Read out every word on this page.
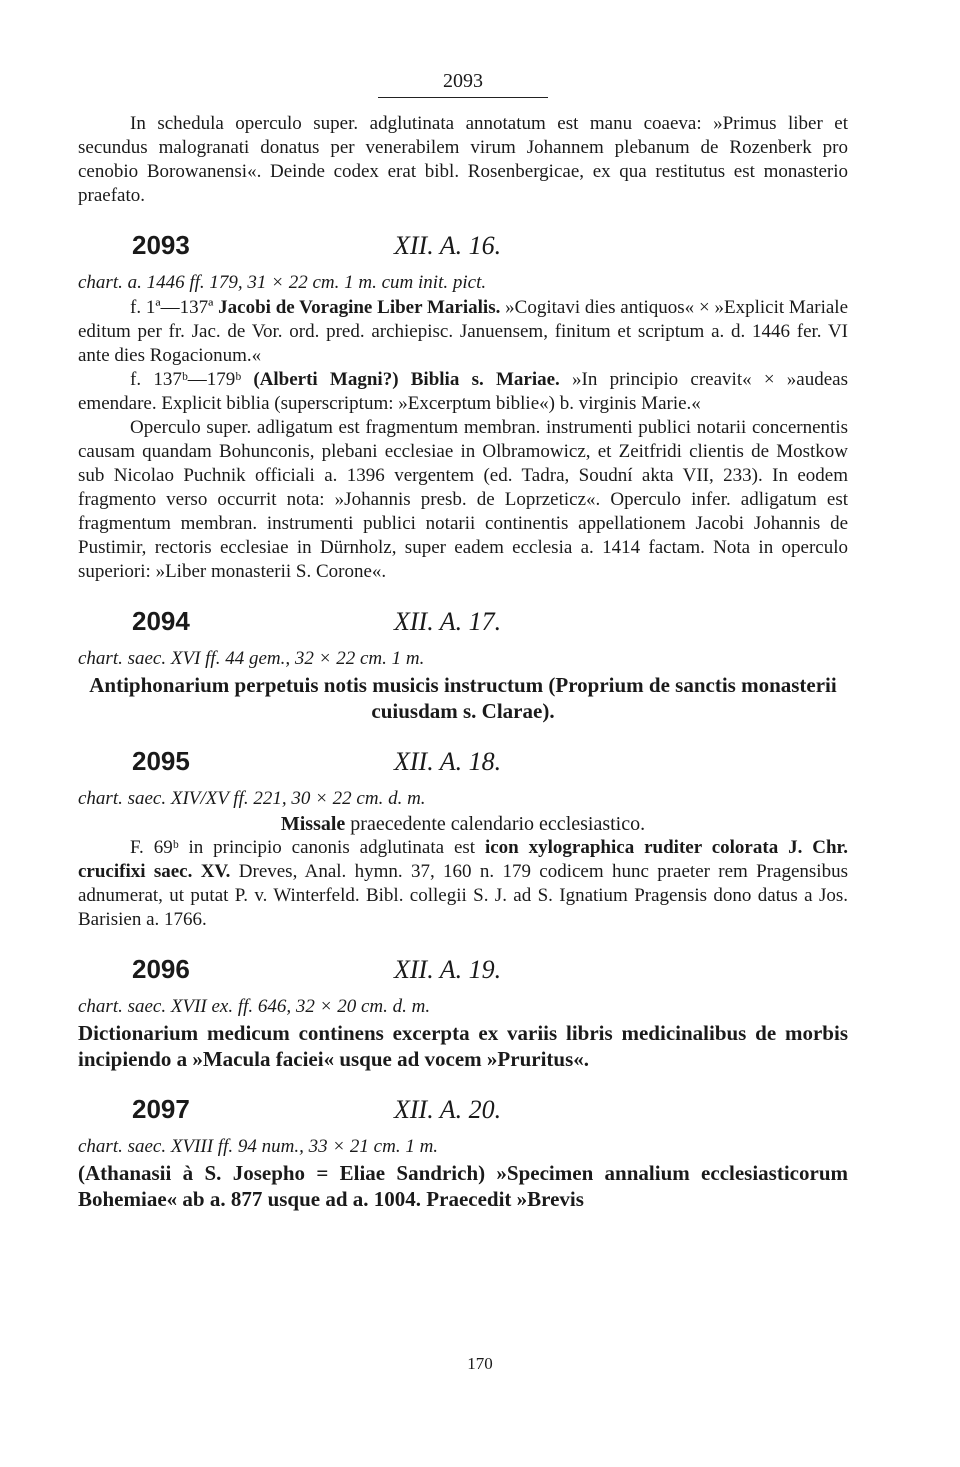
2093

In schedula operculo super. adglutinata annotatum est manu coaeva: »Primus liber et secundus malogranati donatus per venerabilem virum Johannem plebanum de Rozenberk pro cenobio Borowanensi«. Deinde codex erat bibl. Rosenbergicae, ex qua restitutus est monasterio praefato.

2093	XII. A. 16.
chart. a. 1446 ff. 179, 31 × 22 cm. 1 m. cum init. pict.

f. 1ª—137ª Jacobi de Voragine Liber Marialis. »Cogitavi dies antiquos« × »Explicit Mariale editum per fr. Jac. de Vor. ord. pred. archiepisc. Januensem, finitum et scriptum a. d. 1446 fer. VI ante dies Rogacionum.«

f. 137ᵇ—179ᵇ (Alberti Magni?) Biblia s. Mariae. »In principio creavit« × »audeas emendare. Explicit biblia (superscriptum: »Excerptum biblie«) b. virginis Marie.«

Operculo super. adligatum est fragmentum membran. instrumenti publici notarii concernentis causam quandam Bohunconis, plebani ecclesiae in Olbramowicz, et Zeitfridi clientis de Mostkow sub Nicolao Puchnik officiali a. 1396 vergentem (ed. Tadra, Soudní akta VII, 233). In eodem fragmento verso occurrit nota: »Johannis presb. de Loprzeticz«. Operculo infer. adligatum est fragmentum membran. instrumenti publici notarii continentis appellationem Jacobi Johannis de Pustimir, rectoris ecclesiae in Dürnholz, super eadem ecclesia a. 1414 factam. Nota in operculo superiori: »Liber monasterii S. Corone«.

2094	XII. A. 17.
chart. saec. XVI ff. 44 gem., 32 × 22 cm. 1 m.

Antiphonarium perpetuis notis musicis instructum (Proprium de sanctis monasterii cuiusdam s. Clarae).

2095	XII. A. 18.
chart. saec. XIV/XV ff. 221, 30 × 22 cm. d. m.

Missale praecedente calendario ecclesiastico.

F. 69ᵇ in principio canonis adglutinata est icon xylographica ruditer colorata J. Chr. crucifixi saec. XV. Dreves, Anal. hymn. 37, 160 n. 179 codicem hunc praeter rem Pragensibus adnumerat, ut putat P. v. Winterfeld. Bibl. collegii S. J. ad S. Ignatium Pragensis dono datus a Jos. Barisien a. 1766.

2096	XII. A. 19.
chart. saec. XVII ex. ff. 646, 32 × 20 cm. d. m.

Dictionarium medicum continens excerpta ex variis libris medicinalibus de morbis incipiendo a »Macula faciei« usque ad vocem »Pruritus«.

2097	XII. A. 20.
chart. saec. XVIII ff. 94 num., 33 × 21 cm. 1 m.

(Athanasii à S. Josepho = Eliae Sandrich) »Specimen annalium ecclesiasticorum Bohemiae« ab a. 877 usque ad a. 1004. Praecedit »Brevis

170
